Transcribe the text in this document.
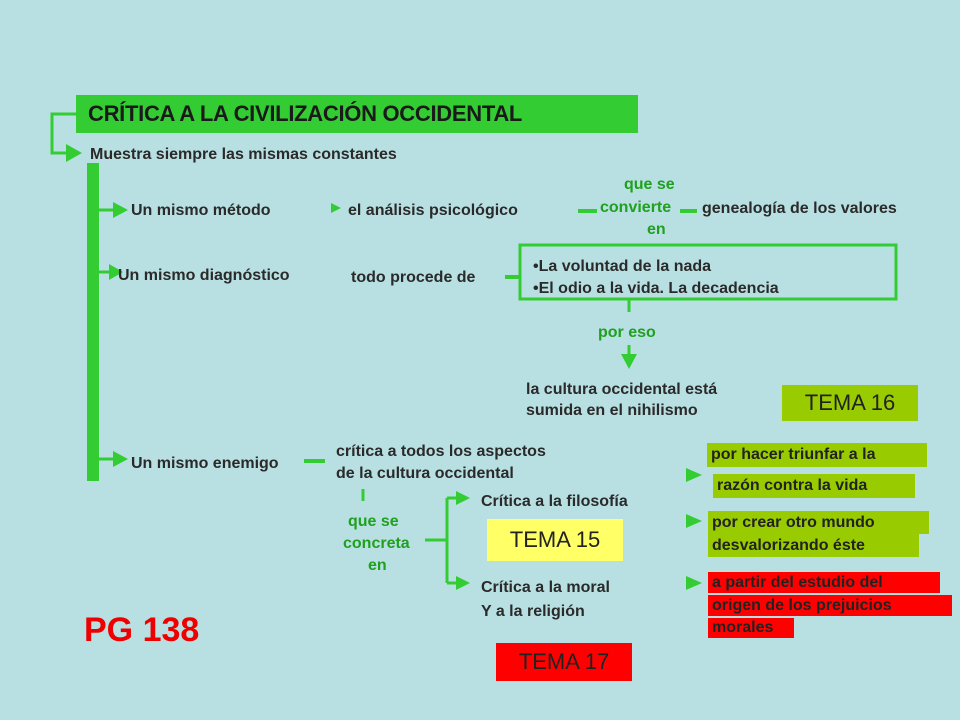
CRÍTICA A LA CIVILIZACIÓN OCCIDENTAL
Muestra siempre las mismas constantes
Un mismo método	el análisis psicológico
que se
convierte
en
genealogía de los valores
Un mismo diagnóstico	todo procede de
•La voluntad de la nada
•El odio a la vida. La decadencia
por eso
la cultura occidental está
sumida en el nihilismo	TEMA 16
Un mismo enemigo
crítica a todos los aspectos
de la cultura occidental
que se
concreta
en
Crítica a la filosofía
Crítica a la moral
Y a la religión
TEMA 15
TEMA 17
por hacer triunfar a la
razón contra la vida
por crear otro mundo
desvalorizando éste
a partir del estudio del
origen de los prejuicios
morales
PG 138
